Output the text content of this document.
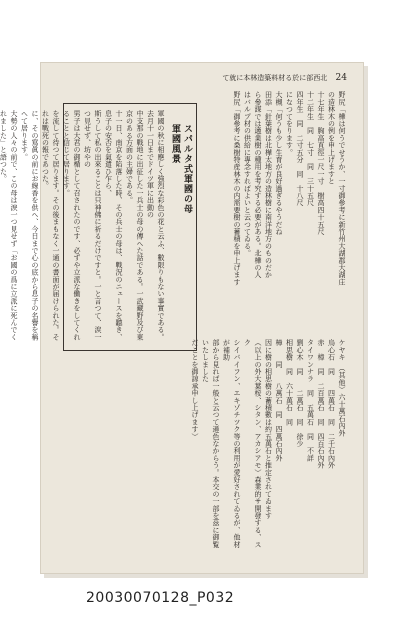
て就に本林造築料材る於に部西北 24
野尻「樺は何うでせうか、一寸御參考に新竹州大湖郡大湖庄
の造林木の例を申上げますと
十七年生　胸高直徑一尺一寸　樹高四十五尺
十二年生　同　七寸　同　三十五尺
四年生　同　二寸五分　同　十八尺
になつてをります。
大槻「何うも少し生育が良好過ぎるやうだね
田添「針葉樹は北樺太地方の造林樹に南洋地方のものだか
ら參謀では適業樹の種用を考究する必要がある。北樺の人
はバルプ材の供給に專念すればよいと云つてゐる。
野尻「御參考に桑樹特産林木の内需要樹の蓄積を申上げます
ケヤキ　（其他）六十萬石內外
烏心石　同　　四萬石　同　二千石內外
赤　樟　同　二百萬石　同　四百石內外
タイワンナラ　同　五萬石　同　不詳
劉心木　同　　二萬石　同　徐少
相思樹　同　六十萬石　同
樟　　同　　八萬石　同　四萬石內外
因に樹の相思樹の蓄積數は約五萬石と推定されてゐます
（以上の外大葉桉、シタン、アカシアモ）森業的サ開發する、スク
シイバイフン、エキゾチツク等の利用が愛好されてゐるが、他材が補助
部から見れば一般と云つて遜色なからう。本交の一部を茲に御覧いたしました
だことを御諒承申し上げます）
軍國風景 スパルタ式軍國の母
軍國の秋に相應しく強烈な彩色の花と云ふ、數限りもない事實である。去月十一日までドイツ軍に出動の
中支那の戰地に出征した一兵士の母の傳へた話である。一武藏野及び東京のある方面の主婦である。
十一日、南京を陷落した時、その兵士の母は、戰況のニュースを聽き、息子の安否を氣遣ひ乍ら、
斯うして私の出來ることは只神佛に祈るだけですと。一と言つて、涙一つ見せず、坊やの
男子は大君の御楯として召されたのです、必ずや立派な働きをしてくれることと信じて居ります。
を流して待つて居ります。その後まもなく一通の書面が届けられた。それは戰死の報であつた。
に、その寫眞の前にお線香を供へ、今日まで心の底から息子の名譽を稱へて居ります。
大勢の人々の前で、この母は淚一つ見せず「お國の爲に立派に死んでくれました」と語つた。
20030070128_P032
